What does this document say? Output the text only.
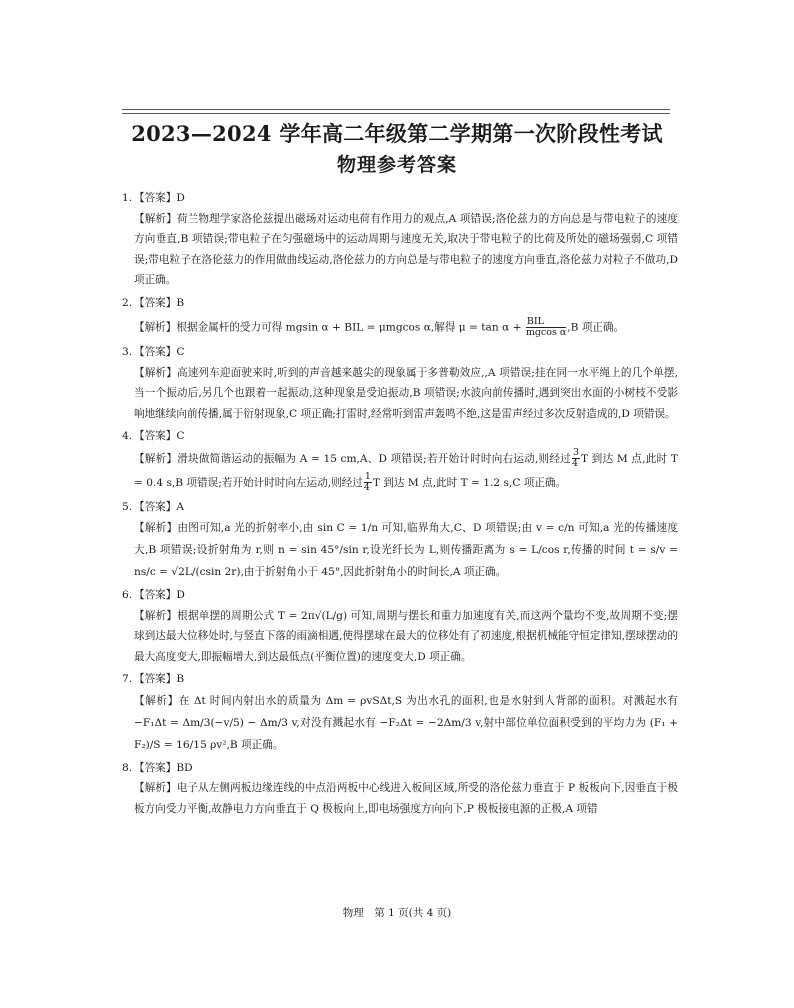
2023—2024 学年高二年级第二学期第一次阶段性考试
物理参考答案
1. 【答案】D
【解析】荷兰物理学家洛伦兹提出磁场对运动电荷有作用力的观点,A 项错误;洛伦兹力的方向总是与带电粒子的速度方向垂直,B 项错误;带电粒子在匀强磁场中的运动周期与速度无关,取决于带电粒子的比荷及所处的磁场强弱,C 项错误;带电粒子在洛伦兹力的作用做曲线运动,洛伦兹力的方向总是与带电粒子的速度方向垂直,洛伦兹力对粒子不做功,D 项正确。
2. 【答案】B
【解析】根据金属杆的受力可得 mgsin α + BIL = μmgcos α,解得 $\mu = \tan \alpha + \frac{\text{BIL}}{\text{mgcos α}} ,B$ 项正确。
3. 【答案】C
【解析】高速列车迎面驶来时,听到的声音越来越尖的现象属于多普勒效应,,A 项错误;挂在同一水平绳上的几个单摆,当一个振动后,另几个也跟着一起振动,这种现象是受迫振动,B 项错误;水波向前传播时,遇到突出水面的小树枝不受影响地继续向前传播,属于衍射现象,C 项正确;打雷时,经常听到雷声轰鸣不绝,这是雷声经过多次反射造成的,D 项错误。
4. 【答案】C
【解析】滑块做简谐运动的振幅为 A = 15 cm,A、D 项错误;若开始计时时向右运动,则经过 $\frac{3}{4}$ T 到达 M 点,此时 T = 0.4 s,B 项错误;若开始计时时向左运动,则经过 $\frac{1}{4}$ T 到达 M 点,此时 T = 1.2 s,C 项正确。
5. 【答案】A
【解析】由图可知,a 光的折射率小,由 sin C = 1/n 可知,临界角大,C、D 项错误;由 v = c/n 可知,a 光的传播速度大,B 项错误;设折射角为 r,则 n = sin 45°/sin r,设光纤长为 L,则传播距离为 s = L/cos r,传播的时间 t = s/v = ns/c = √2L/(csin 2r),由于折射角小于 45°,因此折射角小的时间长,A 项正确。
6. 【答案】D
【解析】根据单摆的周期公式 T = 2π√(L/g) 可知,周期与摆长和重力加速度有关,而这两个量均不变,故周期不变;摆球到达最大位移处时,与竖直下落的雨滴相遇,使得摆球在最大的位移处有了初速度,根据机械能守恒定律知,摆球摆动的最大高度变大,即振幅增大,到达最低点(平衡位置)的速度变大,D 项正确。
7. 【答案】B
【解析】在 Δt 时间内射出水的质量为 Δm = ρvSΔt,S 为出水孔的面积,也是水射到人背部的面积。对溅起水有 −F₁Δt = Δm/3(−v/5) − Δm/3 v,对没有溅起水有 −F₂Δt = −2Δm/3 v,射中部位单位面积受到的平均力为 (F₁ + F₂)/S = 16/15 ρv²,B 项正确。
8. 【答案】BD
【解析】电子从左侧两板边缘连线的中点沿两板中心线进入板间区域,所受的洛伦兹力垂直于 P 板板向下,因垂直于极板方向受力平衡,故静电力方向垂直于 Q 极板向上,即电场强度方向向下,P 极板接电源的正极,A 项错
物理　第 1 页(共 4 页)
